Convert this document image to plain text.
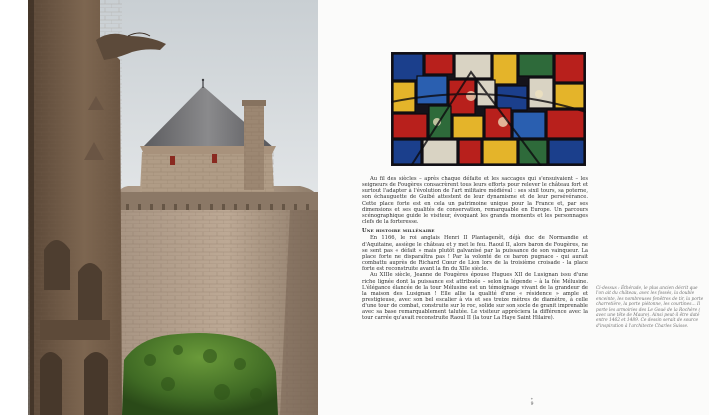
Au fil des siècles – après chaque défaite et les saccages qui s'ensuivaient – les seigneurs de Fougères consacrèrent tous leurs efforts pour relever le château fort et surtout l'adapter à l'évolution de l'art militaire médiéval : ses sixil tours, sa poterne, son échauguette de Guibé attestent de leur dynamisme et de leur persévérance. Cette place forte est en cela un patrimoine unique pour la France et, par ses dimensions et ses qualités de conservation, remarquable en Europe. Un parcours scénographique guide le visiteur, évoquant les grands moments et les personnages clefs de la forteresse.

Une histoire millénaire

En 1166, le roi anglais Henri II Plantagenêt, déjà duc de Normandie et d'Aquitaine, assiège le château et y met le feu. Raoul II, alors baron de Fougères, ne se sent pas « défait » mais plutôt galvanisé par la puissance de son vainqueur. La place forte ne disparaîtra pas ! Par la volonté de ce baron pugnace - qui aurait combattu auprès de Richard Cœur de Lion lors de la troisième croisade - la place forte est reconstruite avant la fin du XIIe siècle.

Au XIIIe siècle, Jeanne de Fougères épouse Hugues XII de Lusignan issu d'une riche lignée dont la puissance est attribuée – selon la légende – à la fée Mélusine. L'élégance élancée de la tour Mélusine est un témoignage vivant de la grandeur de la maison des Lusignan ! Elle allie la qualité d'une « résidence » ample et prestigieuse, avec son bel escalier à vis et ses treize mètres de diamètre, à celle d'une tour de combat, construite sur le roc, solide sur son socle de granit imprenable avec sa base remarquablement talutée. Le visiteur appréciera la différence avec la tour carrée qu'avait reconstruite Raoul II (la tour La Haye Saint Hilaire).

Ci-dessus : Éthérade, le plus ancien décrit que l'on ait du château, avec les fossés, la double enceinte, les nombreuses fenêtres de tir, la porte charretière, la porte piétonne, les courtines… Il porte les armoiries des Le Goué de la Rochère ( avec une tête de Maure). Ainsi peut-il être daté entre 1462 et 1489. Ce dessin serait de source d'inspiration à l'architecte Charles Suisse.
✦
9
